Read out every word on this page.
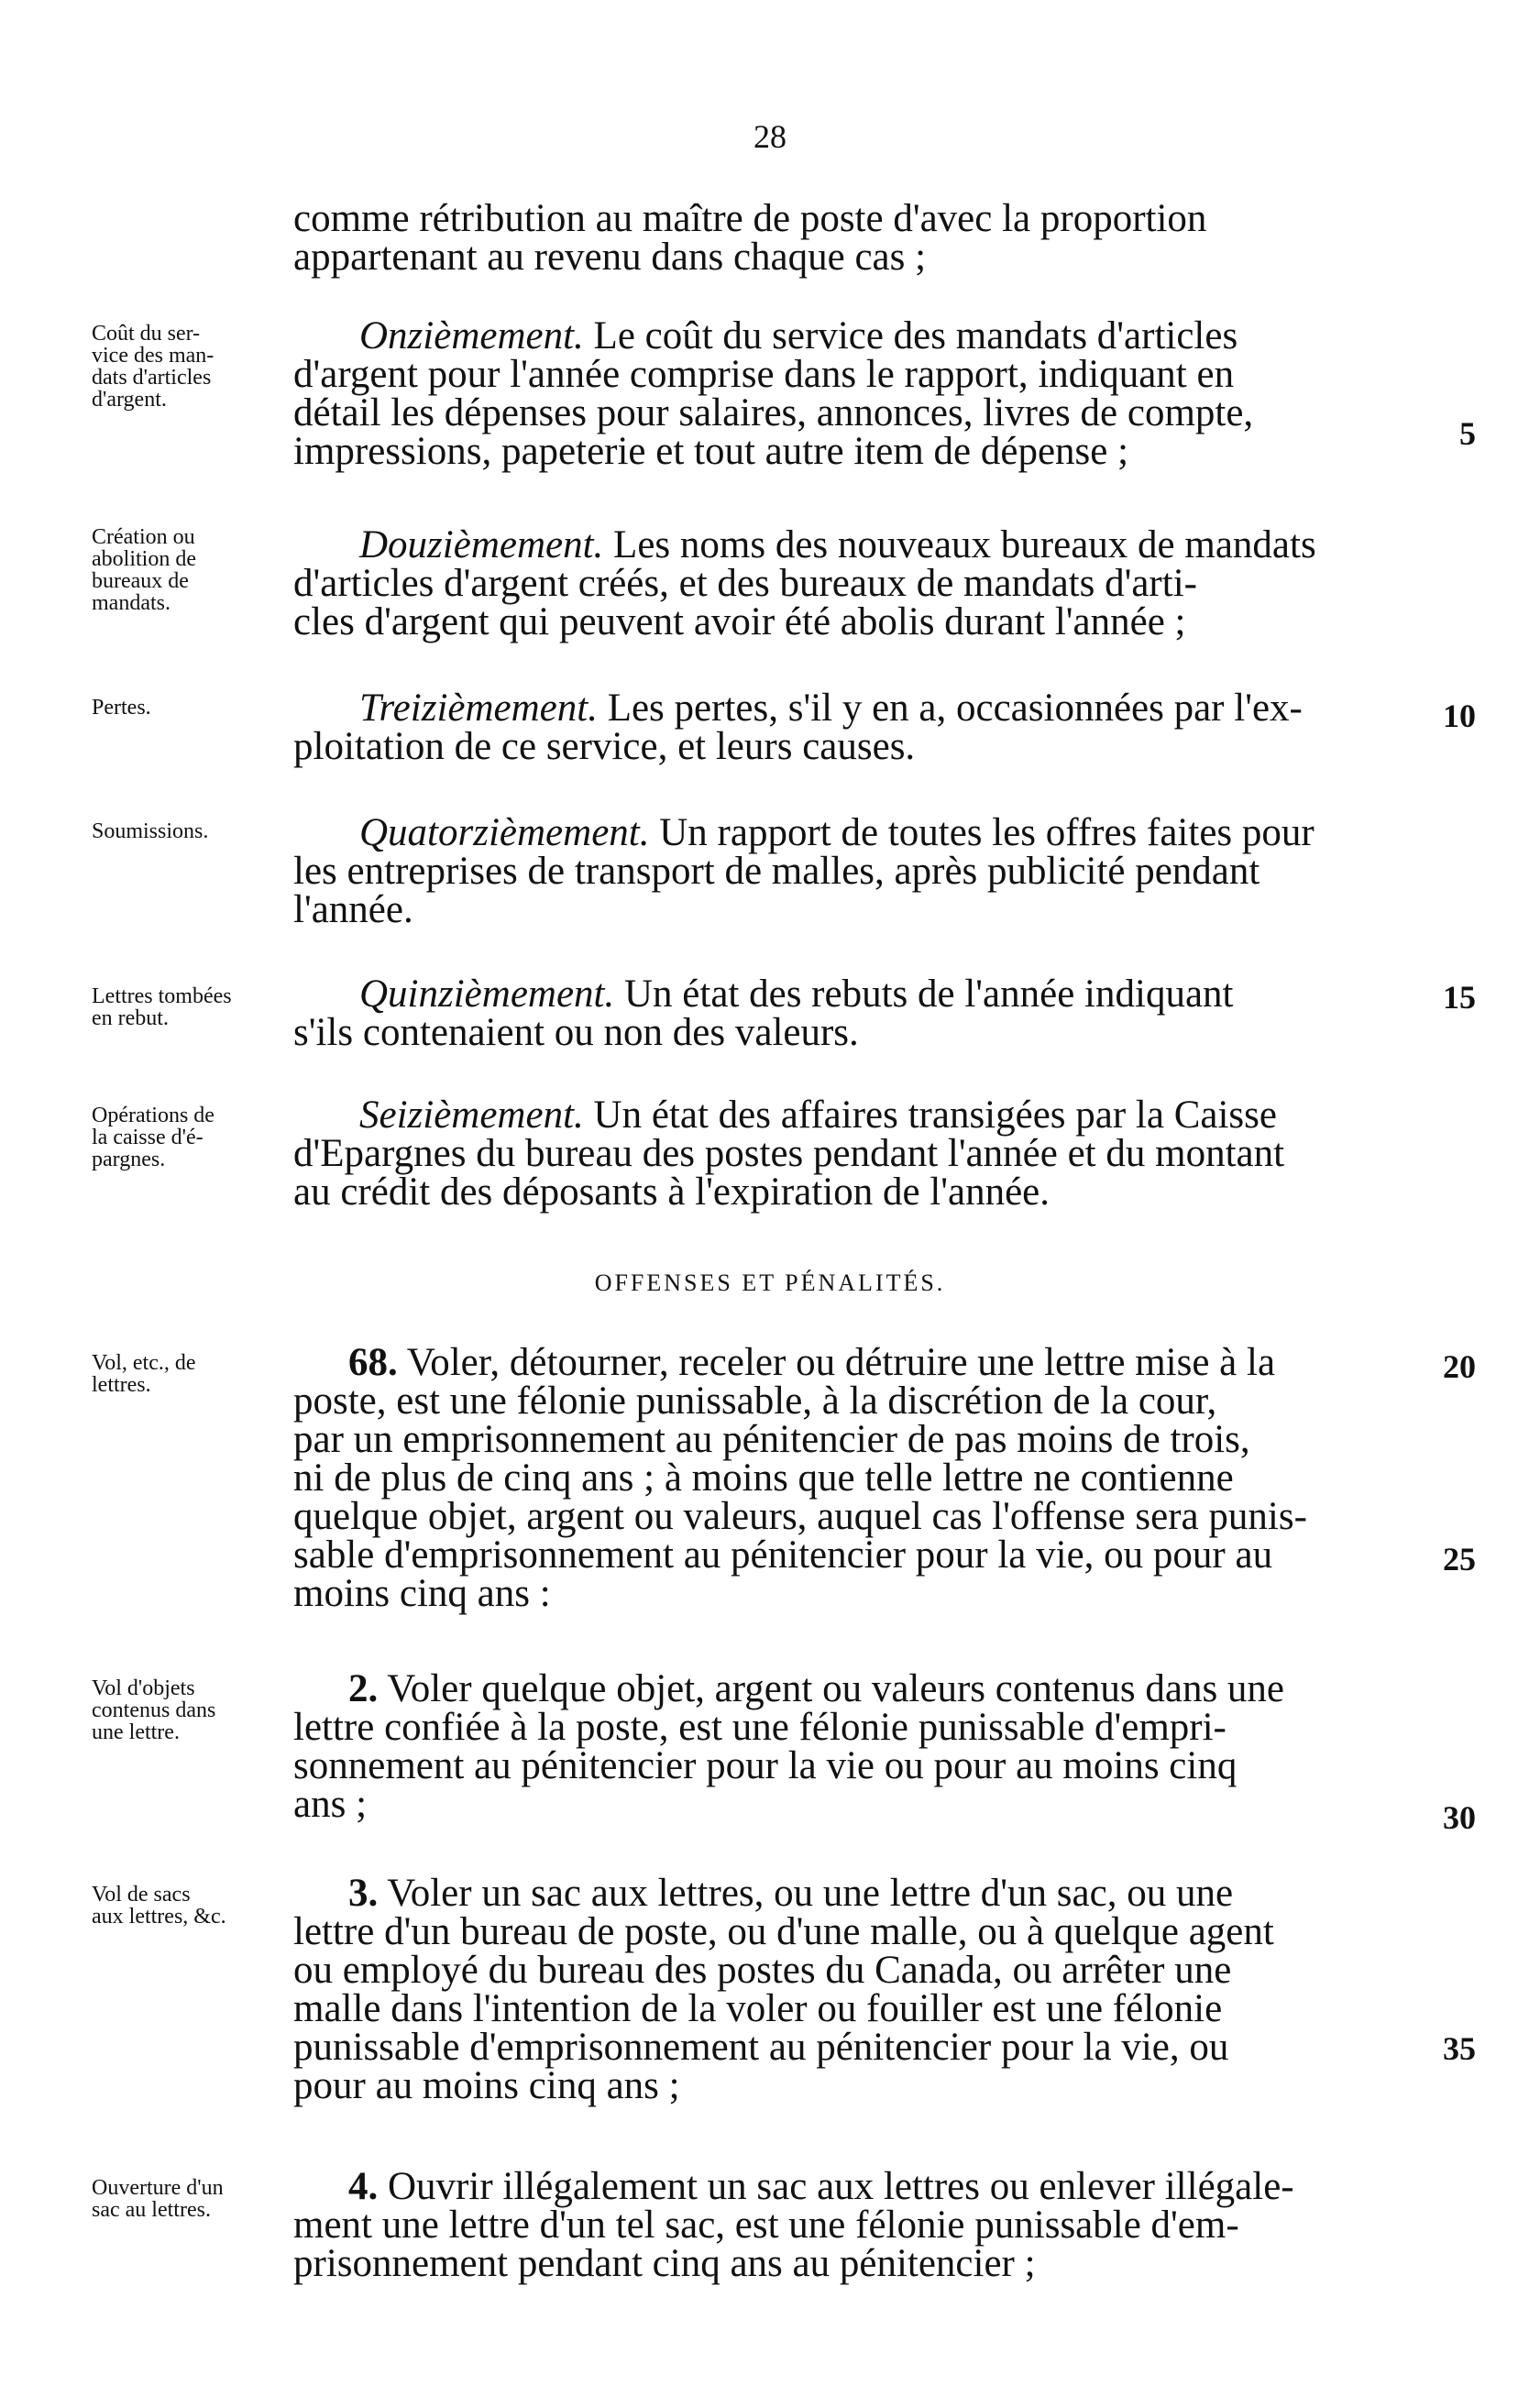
28
comme rétribution au maître de poste d'avec la proportion
appartenant au revenu dans chaque cas ;
Coût du ser-
vice des man-
dats d'articles
d'argent.
Onzièmement. Le coût du service des mandats d'articles
d'argent pour l'année comprise dans le rapport, indiquant en
détail les dépenses pour salaires, annonces, livres de compte,
impressions, papeterie et tout autre item de dépense ;
Création ou
abolition de
bureaux de
mandats.
Douzièmement. Les noms des nouveaux bureaux de mandats
d'articles d'argent créés, et des bureaux de mandats d'arti-
cles d'argent qui peuvent avoir été abolis durant l'année ;
Pertes.	Treizièmement. Les pertes, s'il y en a, occasionnées par l'ex-
ploitation de ce service, et leurs causes.
Soumissions.	Quatorzièmement. Un rapport de toutes les offres faites pour
les entreprises de transport de malles, après publicité pendant
l'année.
Lettres tombées
en rebut.
Quinzièmement. Un état des rebuts de l'année indiquant
s'ils contenaient ou non des valeurs.
Opérations de
la caisse d'é-
pargnes.
Seizièmement. Un état des affaires transigées par la Caisse
d'Epargnes du bureau des postes pendant l'année et du montant
au crédit des déposants à l'expiration de l'année.
OFFENSES ET PÉNALITÉS.
Vol, etc., de
lettres.
68. Voler, détourner, receler ou détruire une lettre mise à la
poste, est une félonie punissable, à la discrétion de la cour,
par un emprisonnement au pénitencier de pas moins de trois,
ni de plus de cinq ans ; à moins que telle lettre ne contienne
quelque objet, argent ou valeurs, auquel cas l'offense sera punis-
sable d'emprisonnement au pénitencier pour la vie, ou pour au
moins cinq ans :
Vol d'objets
contenus dans
une lettre.
2. Voler quelque objet, argent ou valeurs contenus dans une
lettre confiée à la poste, est une félonie punissable d'empri-
sonnement au pénitencier pour la vie ou pour au moins cinq
ans ;
Vol de sacs
aux lettres, &c.
3. Voler un sac aux lettres, ou une lettre d'un sac, ou une
lettre d'un bureau de poste, ou d'une malle, ou à quelque agent
ou employé du bureau des postes du Canada, ou arrêter une
malle dans l'intention de la voler ou fouiller est une félonie
punissable d'emprisonnement au pénitencier pour la vie, ou
pour au moins cinq ans ;
Ouverture d'un
sac au lettres.
4. Ouvrir illégalement un sac aux lettres ou enlever illégale-
ment une lettre d'un tel sac, est une félonie punissable d'em-
prisonnement pendant cinq ans au pénitencier ;
5
10
15
20
25
30
35
